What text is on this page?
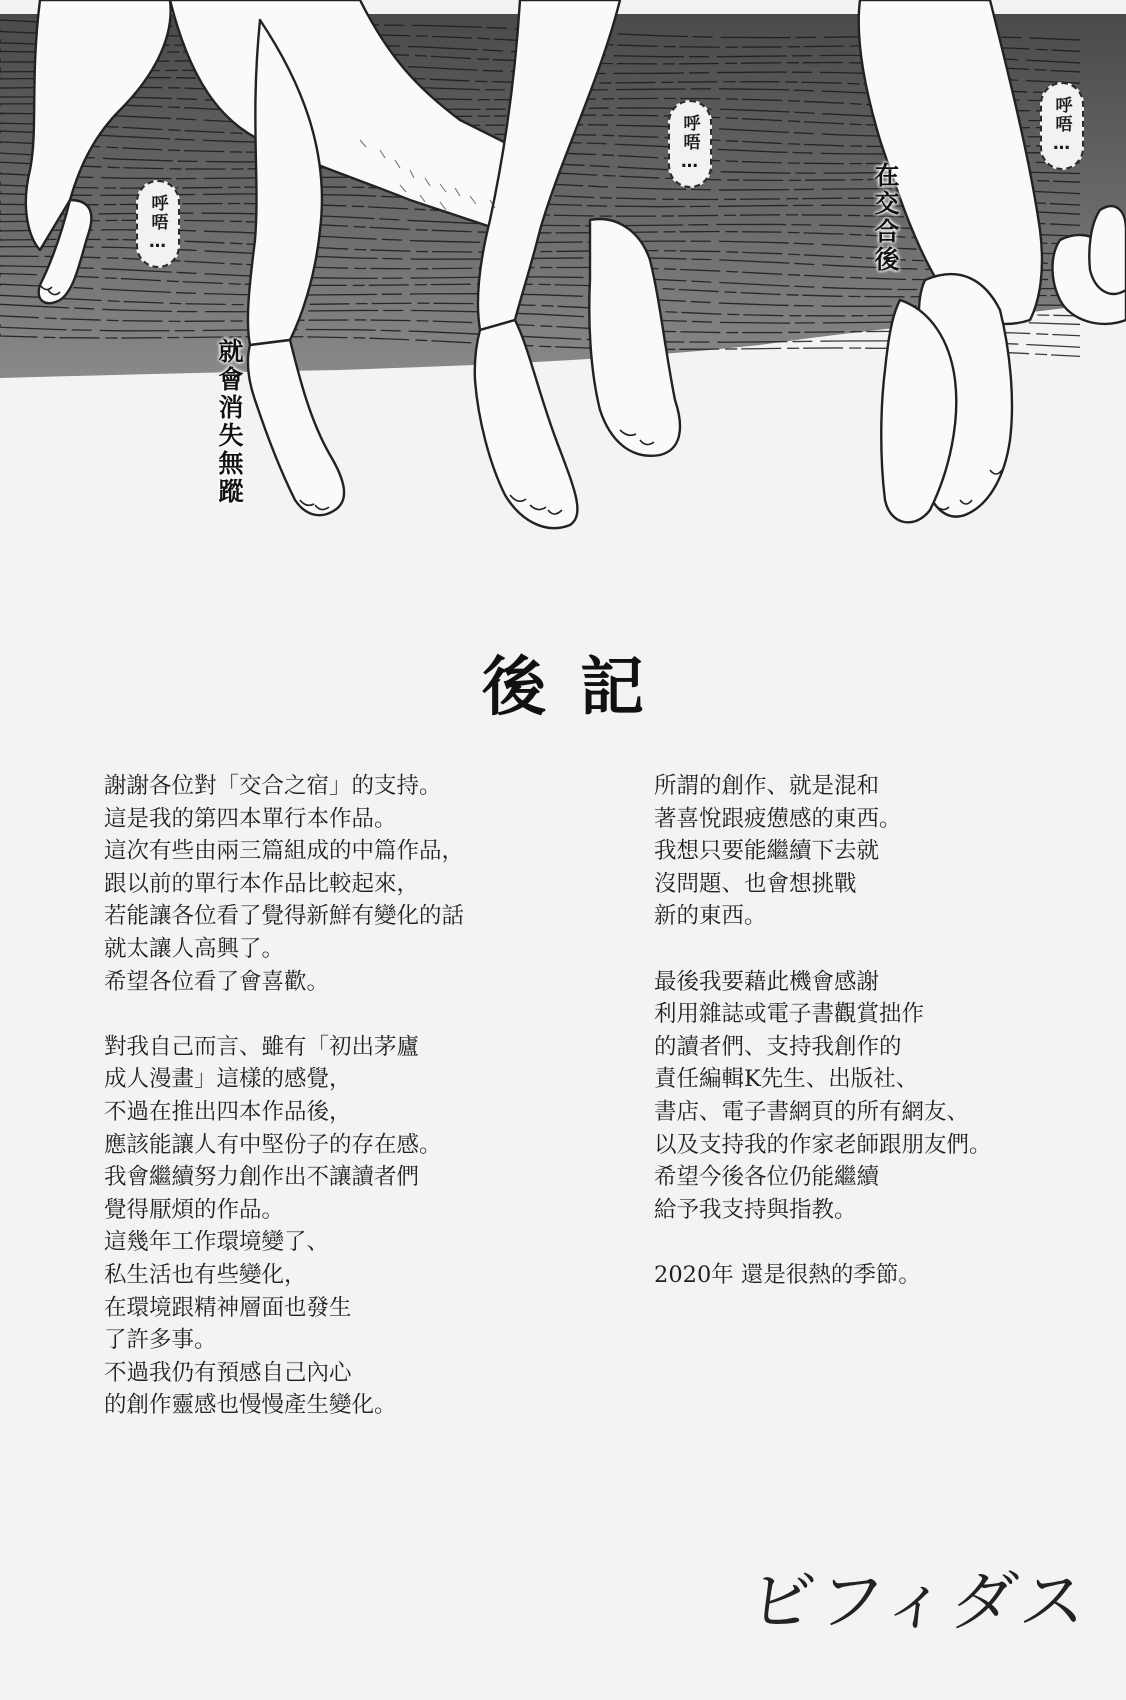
呼唔…
呼唔…	呼唔…
在交合後
就會消失無蹤
後記
謝謝各位對「交合之宿」的支持。
這是我的第四本單行本作品。
這次有些由兩三篇組成的中篇作品，
跟以前的單行本作品比較起來，
若能讓各位看了覺得新鮮有變化的話
就太讓人高興了。
希望各位看了會喜歡。
對我自己而言、雖有「初出茅廬
成人漫畫」這樣的感覺，
不過在推出四本作品後，
應該能讓人有中堅份子的存在感。
我會繼續努力創作出不讓讀者們
覺得厭煩的作品。
這幾年工作環境變了、
私生活也有些變化，
在環境跟精神層面也發生
了許多事。
不過我仍有預感自己內心
的創作靈感也慢慢產生變化。
所謂的創作、就是混和
著喜悅跟疲憊感的東西。
我想只要能繼續下去就
沒問題、也會想挑戰
新的東西。
最後我要藉此機會感謝
利用雜誌或電子書觀賞拙作
的讀者們、支持我創作的
責任編輯K先生、出版社、
書店、電子書網頁的所有網友、
以及支持我的作家老師跟朋友們。
希望今後各位仍能繼續
給予我支持與指教。
2020年 還是很熱的季節。
ビフィダス
